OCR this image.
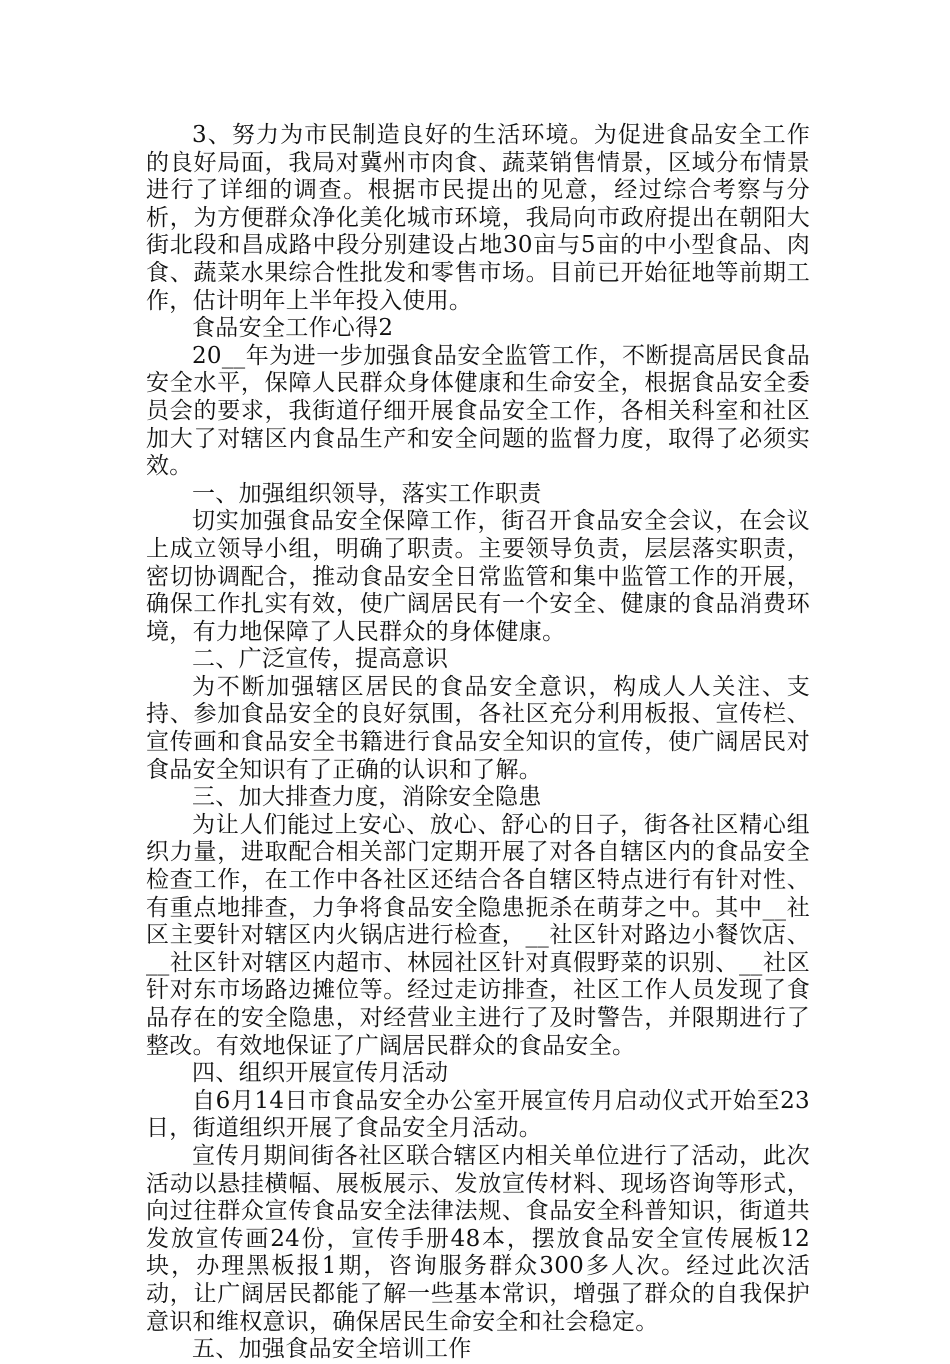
3、努力为市民制造良好的生活环境。为促进食品安全工作的良好局面，我局对冀州市肉食、蔬菜销售情景，区域分布情景进行了详细的调查。根据市民提出的见意，经过综合考察与分析，为方便群众净化美化城市环境，我局向市政府提出在朝阳大街北段和昌成路中段分别建设占地30亩与5亩的中小型食品、肉食、蔬菜水果综合性批发和零售市场。目前已开始征地等前期工作，估计明年上半年投入使用。

食品安全工作心得2

20__年为进一步加强食品安全监管工作，不断提高居民食品安全水平，保障人民群众身体健康和生命安全，根据食品安全委员会的要求，我街道仔细开展食品安全工作，各相关科室和社区加大了对辖区内食品生产和安全问题的监督力度，取得了必须实效。

一、加强组织领导，落实工作职责

切实加强食品安全保障工作，街召开食品安全会议，在会议上成立领导小组，明确了职责。主要领导负责，层层落实职责，密切协调配合，推动食品安全日常监管和集中监管工作的开展，确保工作扎实有效，使广阔居民有一个安全、健康的食品消费环境，有力地保障了人民群众的身体健康。

二、广泛宣传，提高意识

为不断加强辖区居民的食品安全意识，构成人人关注、支持、参加食品安全的良好氛围，各社区充分利用板报、宣传栏、宣传画和食品安全书籍进行食品安全知识的宣传，使广阔居民对食品安全知识有了正确的认识和了解。

三、加大排查力度，消除安全隐患

为让人们能过上安心、放心、舒心的日子，街各社区精心组织力量，进取配合相关部门定期开展了对各自辖区内的食品安全检查工作，在工作中各社区还结合各自辖区特点进行有针对性、有重点地排查，力争将食品安全隐患扼杀在萌芽之中。其中__社区主要针对辖区内火锅店进行检查，__社区针对路边小餐饮店、__社区针对辖区内超市、林园社区针对真假野菜的识别、__社区针对东市场路边摊位等。经过走访排查，社区工作人员发现了食品存在的安全隐患，对经营业主进行了及时警告，并限期进行了整改。有效地保证了广阔居民群众的食品安全。

四、组织开展宣传月活动

自6月14日市食品安全办公室开展宣传月启动仪式开始至23日，街道组织开展了食品安全月活动。

宣传月期间街各社区联合辖区内相关单位进行了活动，此次活动以悬挂横幅、展板展示、发放宣传材料、现场咨询等形式，向过往群众宣传食品安全法律法规、食品安全科普知识，街道共发放宣传画24份，宣传手册48本，摆放食品安全宣传展板12块，办理黑板报1期，咨询服务群众300多人次。经过此次活动，让广阔居民都能了解一些基本常识，增强了群众的自我保护意识和维权意识，确保居民生命安全和社会稳定。

五、加强食品安全培训工作
